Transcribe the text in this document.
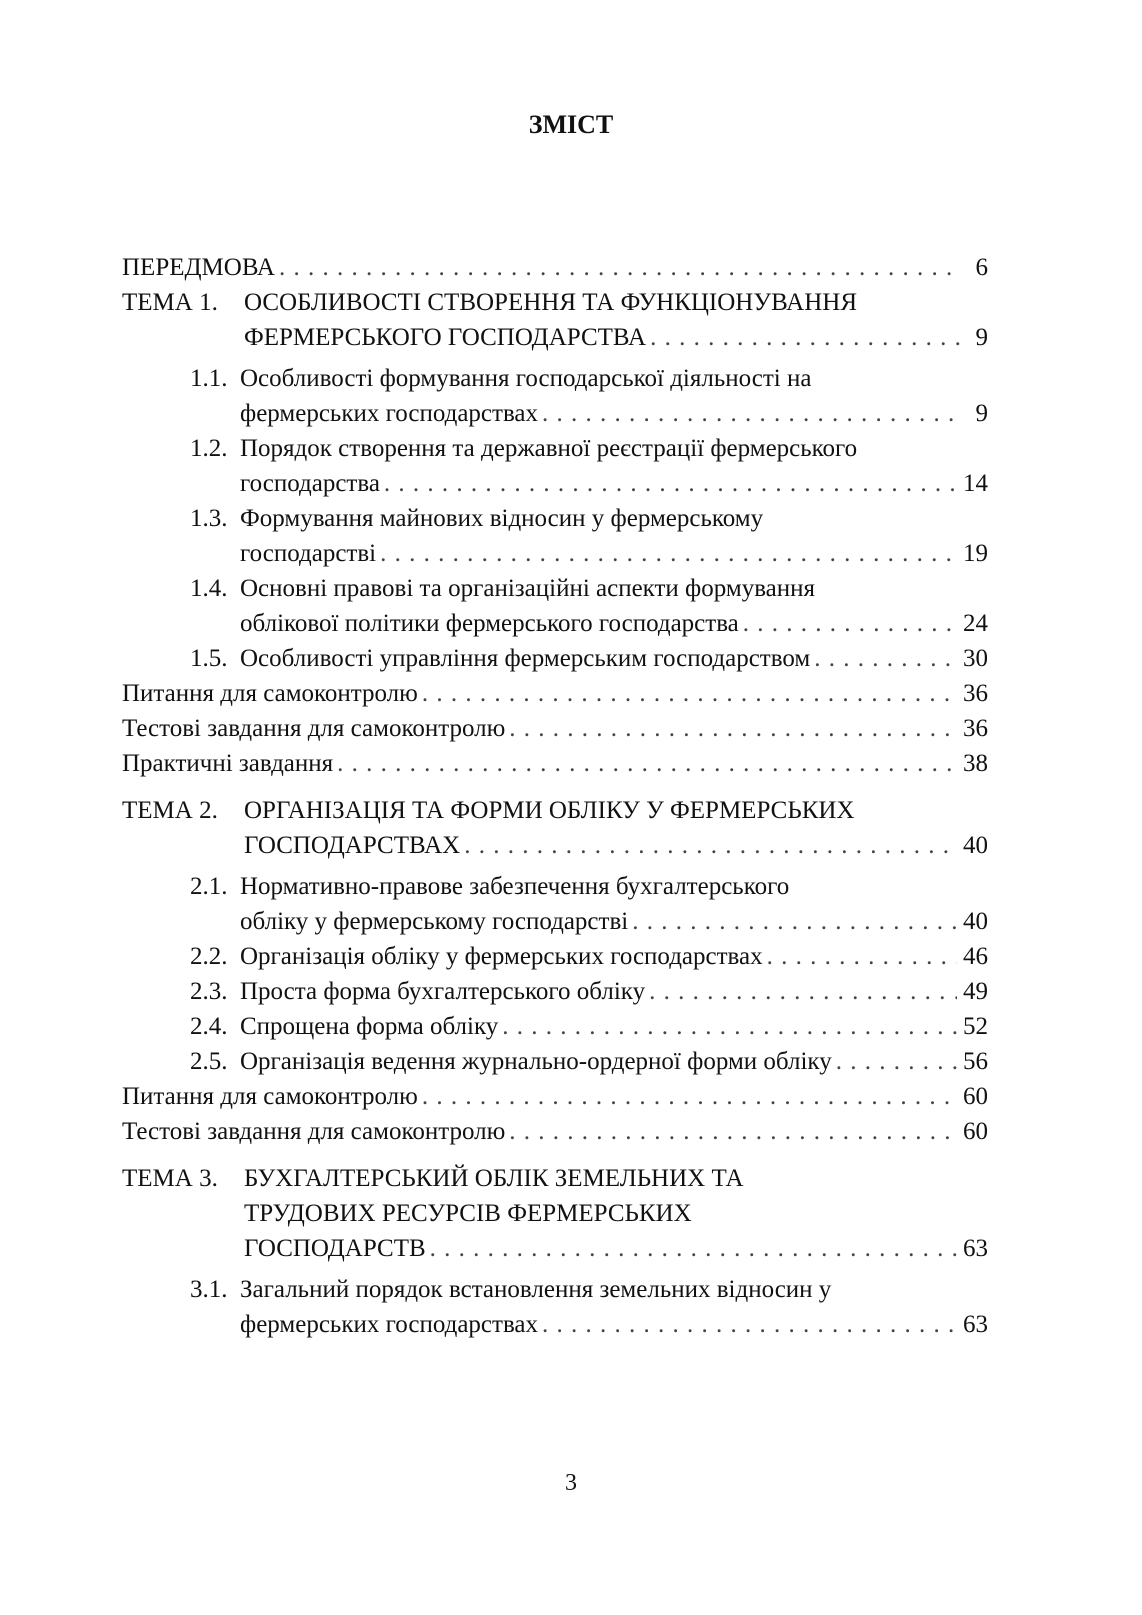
ЗМІСТ
ПЕРЕДМОВА . . .	6
ТЕМА 1.	ОСОБЛИВОСТІ СТВОРЕННЯ ТА ФУНКЦІОНУВАННЯ
ФЕРМЕРСЬКОГО ГОСПОДАРСТВА . . .	9
1.1. Особливості формування господарської діяльності на
фермерських господарствах . . .	9
1.2. Порядок створення та державної реєстрації фермерського
господарства . . .	14
1.3. Формування майнових відносин у фермерському
господарстві . . .	19
1.4. Основні правові та організаційні аспекти формування
облікової політики фермерського господарства . . .	24
1.5. Особливості управління фермерським господарством . . .	30
Питання для самоконтролю . . .	36
Тестові завдання для самоконтролю . . .	36
Практичні завдання . . .	38
ТЕМА 2.	ОРГАНІЗАЦІЯ ТА ФОРМИ ОБЛІКУ У ФЕРМЕРСЬКИХ
ГОСПОДАРСТВАХ . . .	40
2.1. Нормативно-правове забезпечення бухгалтерського
обліку у фермерському господарстві . . .	40
2.2. Організація обліку у фермерських господарствах . . .	46
2.3. Проста форма бухгалтерського обліку . . .	49
2.4. Спрощена форма обліку . . .	52
2.5. Організація ведення журнально-ордерної форми обліку . . .	56
Питання для самоконтролю . . .	60
Тестові завдання для самоконтролю . . .	60
ТЕМА 3.	БУХГАЛТЕРСЬКИЙ ОБЛІК ЗЕМЕЛЬНИХ ТА
ТРУДОВИХ РЕСУРСІВ ФЕРМЕРСЬКИХ
ГОСПОДАРСТВ . . .	63
3.1. Загальний порядок встановлення земельних відносин у
фермерських господарствах . . .	63
3
